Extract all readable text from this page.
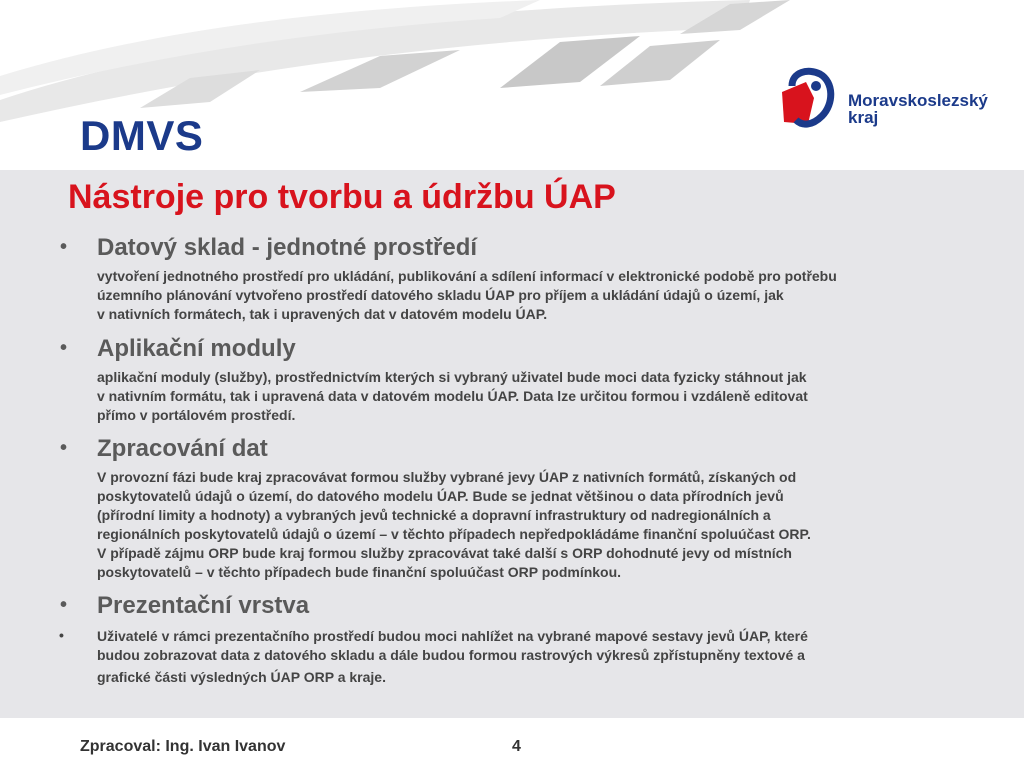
DMVS
Moravskoslezský
kraj
Nástroje pro tvorbu a údržbu ÚAP
• Datový sklad - jednotné prostředí
vytvoření jednotného prostředí pro ukládání, publikování a sdílení informací v elektronické podobě pro potřebu
územního plánování vytvořeno prostředí datového skladu ÚAP pro příjem a ukládání údajů o území, jak
v nativních formátech, tak i upravených dat v datovém modelu ÚAP.
• Aplikační moduly
aplikační moduly (služby), prostřednictvím kterých si vybraný uživatel bude moci data fyzicky stáhnout jak
v nativním formátu, tak i upravená data v datovém modelu ÚAP. Data lze určitou formou i vzdáleně editovat
přímo v portálovém prostředí.
• Zpracování dat
V provozní fázi bude kraj zpracovávat formou služby vybrané jevy ÚAP z nativních formátů, získaných od
poskytovatelů údajů o území, do datového modelu ÚAP. Bude se jednat většinou o data přírodních jevů
(přírodní limity a hodnoty) a vybraných jevů technické a dopravní infrastruktury od nadregionálních a
regionálních poskytovatelů údajů o území – v těchto případech nepředpokládáme finanční spoluúčast ORP.
V případě zájmu ORP bude kraj formou služby zpracovávat také další s ORP dohodnuté jevy od místních
poskytovatelů – v těchto případech bude finanční spoluúčast ORP podmínkou.
• Prezentační vrstva
• Uživatelé v rámci prezentačního prostředí budou moci nahlížet na vybrané mapové sestavy jevů ÚAP, které
budou zobrazovat data z datového skladu a dále budou formou rastrových výkresů zpřístupněny textové a
grafické části výsledných ÚAP ORP a kraje.
Zpracoval: Ing. Ivan Ivanov	4
